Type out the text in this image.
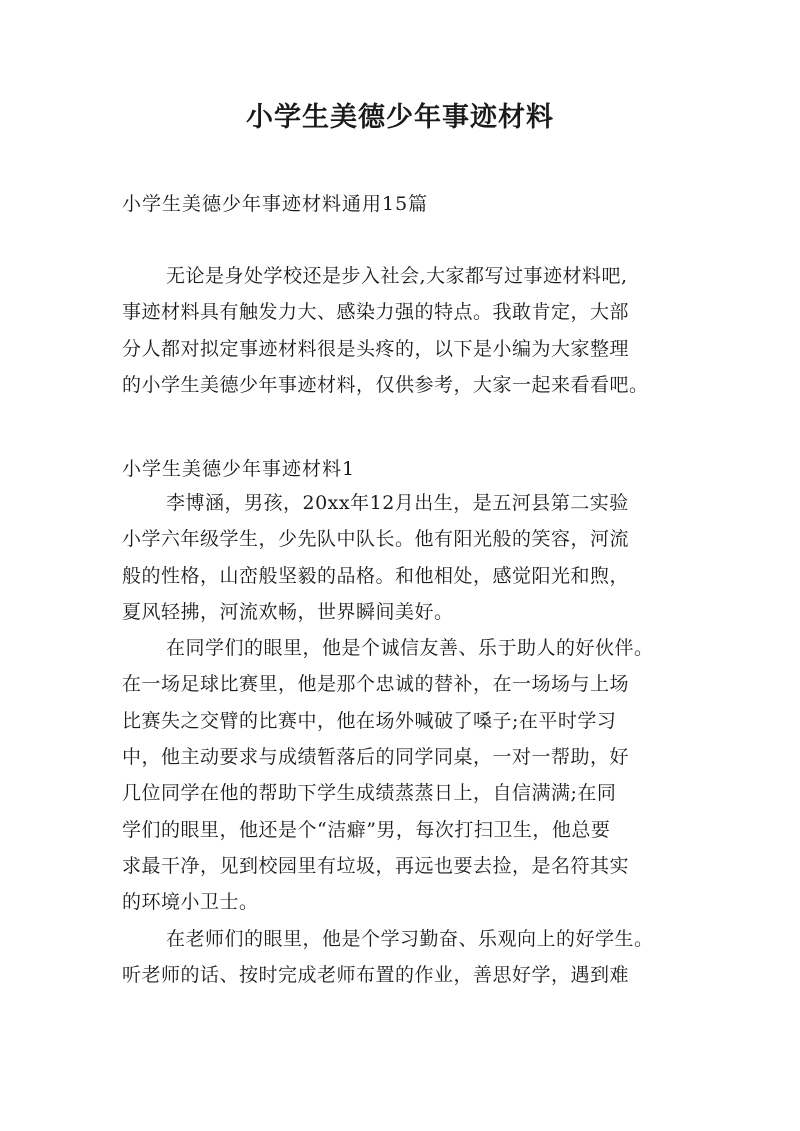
小学生美德少年事迹材料
小学生美德少年事迹材料通用15篇
无论是身处学校还是步入社会,大家都写过事迹材料吧,
事迹材料具有触发力大、感染力强的特点。我敢肯定，大部
分人都对拟定事迹材料很是头疼的，以下是小编为大家整理
的小学生美德少年事迹材料，仅供参考，大家一起来看看吧。
小学生美德少年事迹材料1
李博涵，男孩，20xx年12月出生，是五河县第二实验
小学六年级学生，少先队中队长。他有阳光般的笑容，河流
般的性格，山峦般坚毅的品格。和他相处，感觉阳光和煦，
夏风轻拂，河流欢畅，世界瞬间美好。
在同学们的眼里，他是个诚信友善、乐于助人的好伙伴。
在一场足球比赛里，他是那个忠诚的替补，在一场场与上场
比赛失之交臂的比赛中，他在场外喊破了嗓子;在平时学习
中，他主动要求与成绩暂落后的同学同桌，一对一帮助，好
几位同学在他的帮助下学生成绩蒸蒸日上，自信满满;在同
学们的眼里，他还是个“洁癖”男，每次打扫卫生，他总要
求最干净，见到校园里有垃圾，再远也要去捡，是名符其实
的环境小卫士。
在老师们的眼里，他是个学习勤奋、乐观向上的好学生。
听老师的话、按时完成老师布置的作业，善思好学，遇到难
